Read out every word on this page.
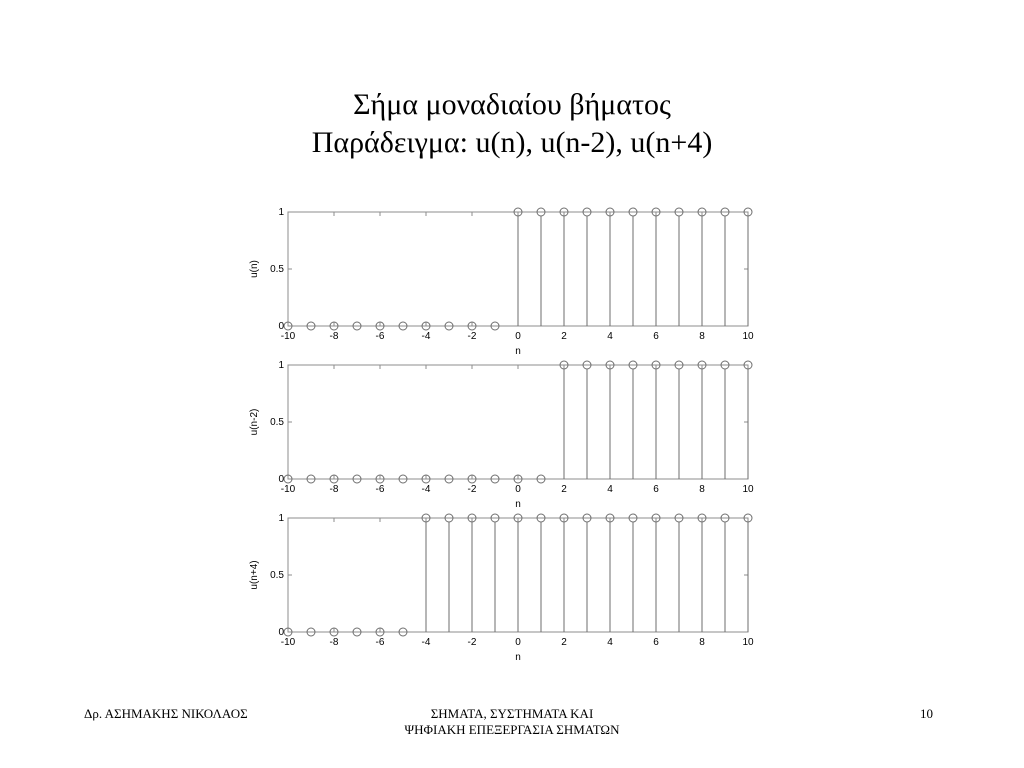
Σήμα μοναδιαίου βήματος
Παράδειγμα: u(n), u(n-2), u(n+4)
-10	-8	-6	-4	-2	0	2	4	6	8	10
0
0.5
1
n
u(n)
-10	-8	-6	-4	-2	0	2	4	6	8	10
0
0.5
1
n
u(n-2)
-10	-8	-6	-4	-2	0	2	4	6	8	10
0
0.5
1
n
u(n+4)
Δρ. ΑΣΗΜΑΚΗΣ ΝΙΚΟΛΑΟΣ	ΣΗΜΑΤΑ, ΣΥΣΤΗΜΑΤΑ ΚΑΙ
ΨΗΦΙΑΚΗ ΕΠΕΞΕΡΓΑΣΙΑ ΣΗΜΑΤΩΝ
10
